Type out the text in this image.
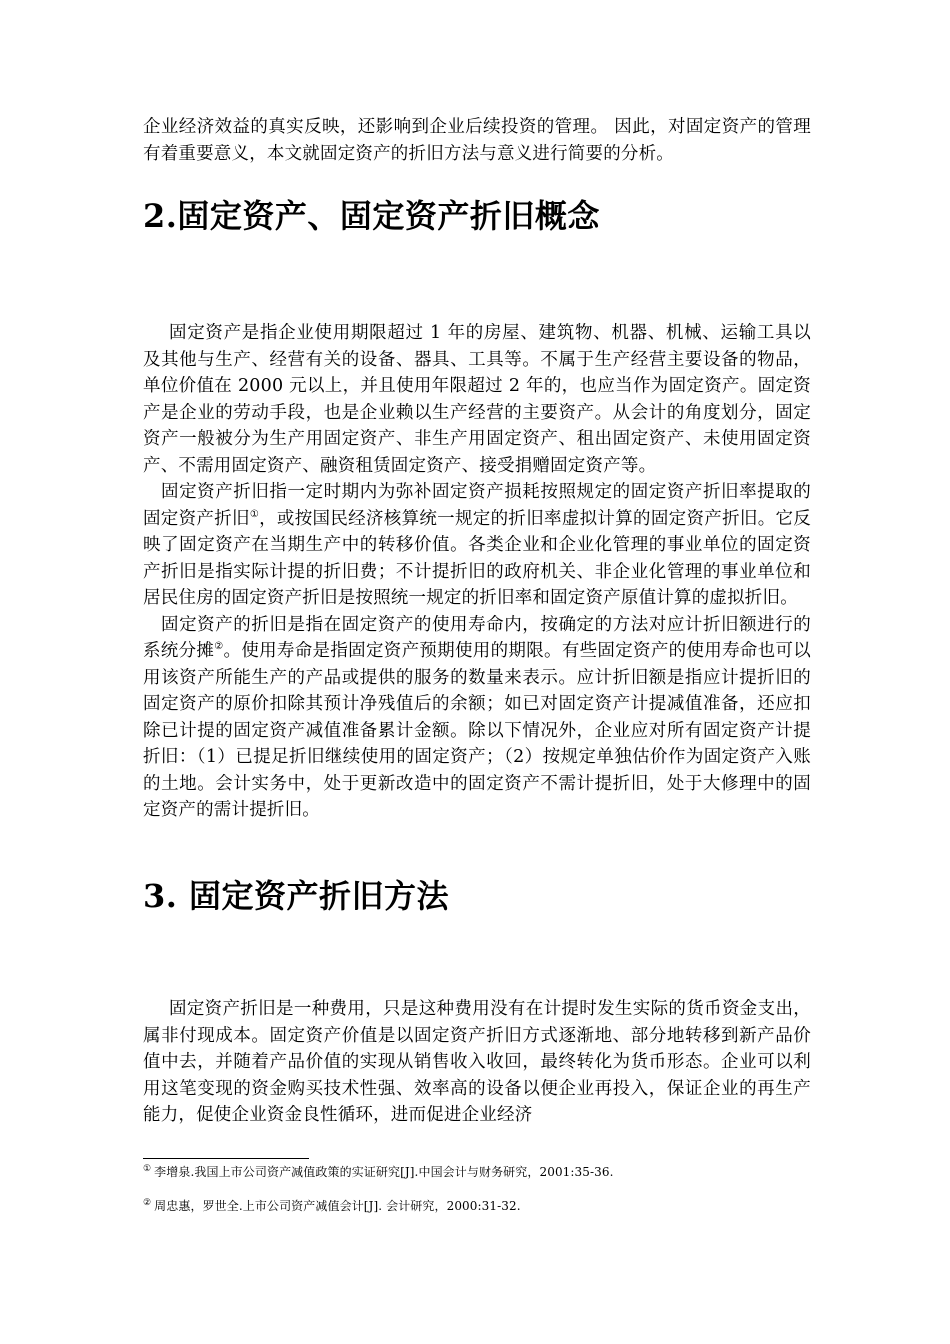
企业经济效益的真实反映，还影响到企业后续投资的管理。 因此，对固定资产的管理有着重要意义，本文就固定资产的折旧方法与意义进行简要的分析。

2.固定资产、固定资产折旧概念

固定资产是指企业使用期限超过 1 年的房屋、建筑物、机器、机械、运输工具以及其他与生产、经营有关的设备、器具、工具等。不属于生产经营主要设备的物品，单位价值在 2000 元以上，并且使用年限超过 2 年的，也应当作为固定资产。固定资产是企业的劳动手段，也是企业赖以生产经营的主要资产。从会计的角度划分，固定资产一般被分为生产用固定资产、非生产用固定资产、租出固定资产、未使用固定资产、不需用固定资产、融资租赁固定资产、接受捐赠固定资产等。

固定资产折旧指一定时期内为弥补固定资产损耗按照规定的固定资产折旧率提取的固定资产折旧①，或按国民经济核算统一规定的折旧率虚拟计算的固定资产折旧。它反映了固定资产在当期生产中的转移价值。各类企业和企业化管理的事业单位的固定资产折旧是指实际计提的折旧费；不计提折旧的政府机关、非企业化管理的事业单位和居民住房的固定资产折旧是按照统一规定的折旧率和固定资产原值计算的虚拟折旧。

固定资产的折旧是指在固定资产的使用寿命内，按确定的方法对应计折旧额进行的系统分摊②。使用寿命是指固定资产预期使用的期限。有些固定资产的使用寿命也可以用该资产所能生产的产品或提供的服务的数量来表示。应计折旧额是指应计提折旧的固定资产的原价扣除其预计净残值后的余额；如已对固定资产计提减值准备，还应扣除已计提的固定资产减值准备累计金额。除以下情况外，企业应对所有固定资产计提折旧：（1）已提足折旧继续使用的固定资产；（2）按规定单独估价作为固定资产入账的土地。会计实务中，处于更新改造中的固定资产不需计提折旧，处于大修理中的固定资产的需计提折旧。

3. 固定资产折旧方法

固定资产折旧是一种费用，只是这种费用没有在计提时发生实际的货币资金支出，属非付现成本。固定资产价值是以固定资产折旧方式逐渐地、部分地转移到新产品价值中去，并随着产品价值的实现从销售收入收回，最终转化为货币形态。企业可以利用这笔变现的资金购买技术性强、效率高的设备以便企业再投入，保证企业的再生产能力，促使企业资金良性循环，进而促进企业经济

① 李增泉.我国上市公司资产减值政策的实证研究[J].中国会计与财务研究，2001:35-36.
② 周忠惠，罗世全.上市公司资产减值会计[J]. 会计研究，2000:31-32.
